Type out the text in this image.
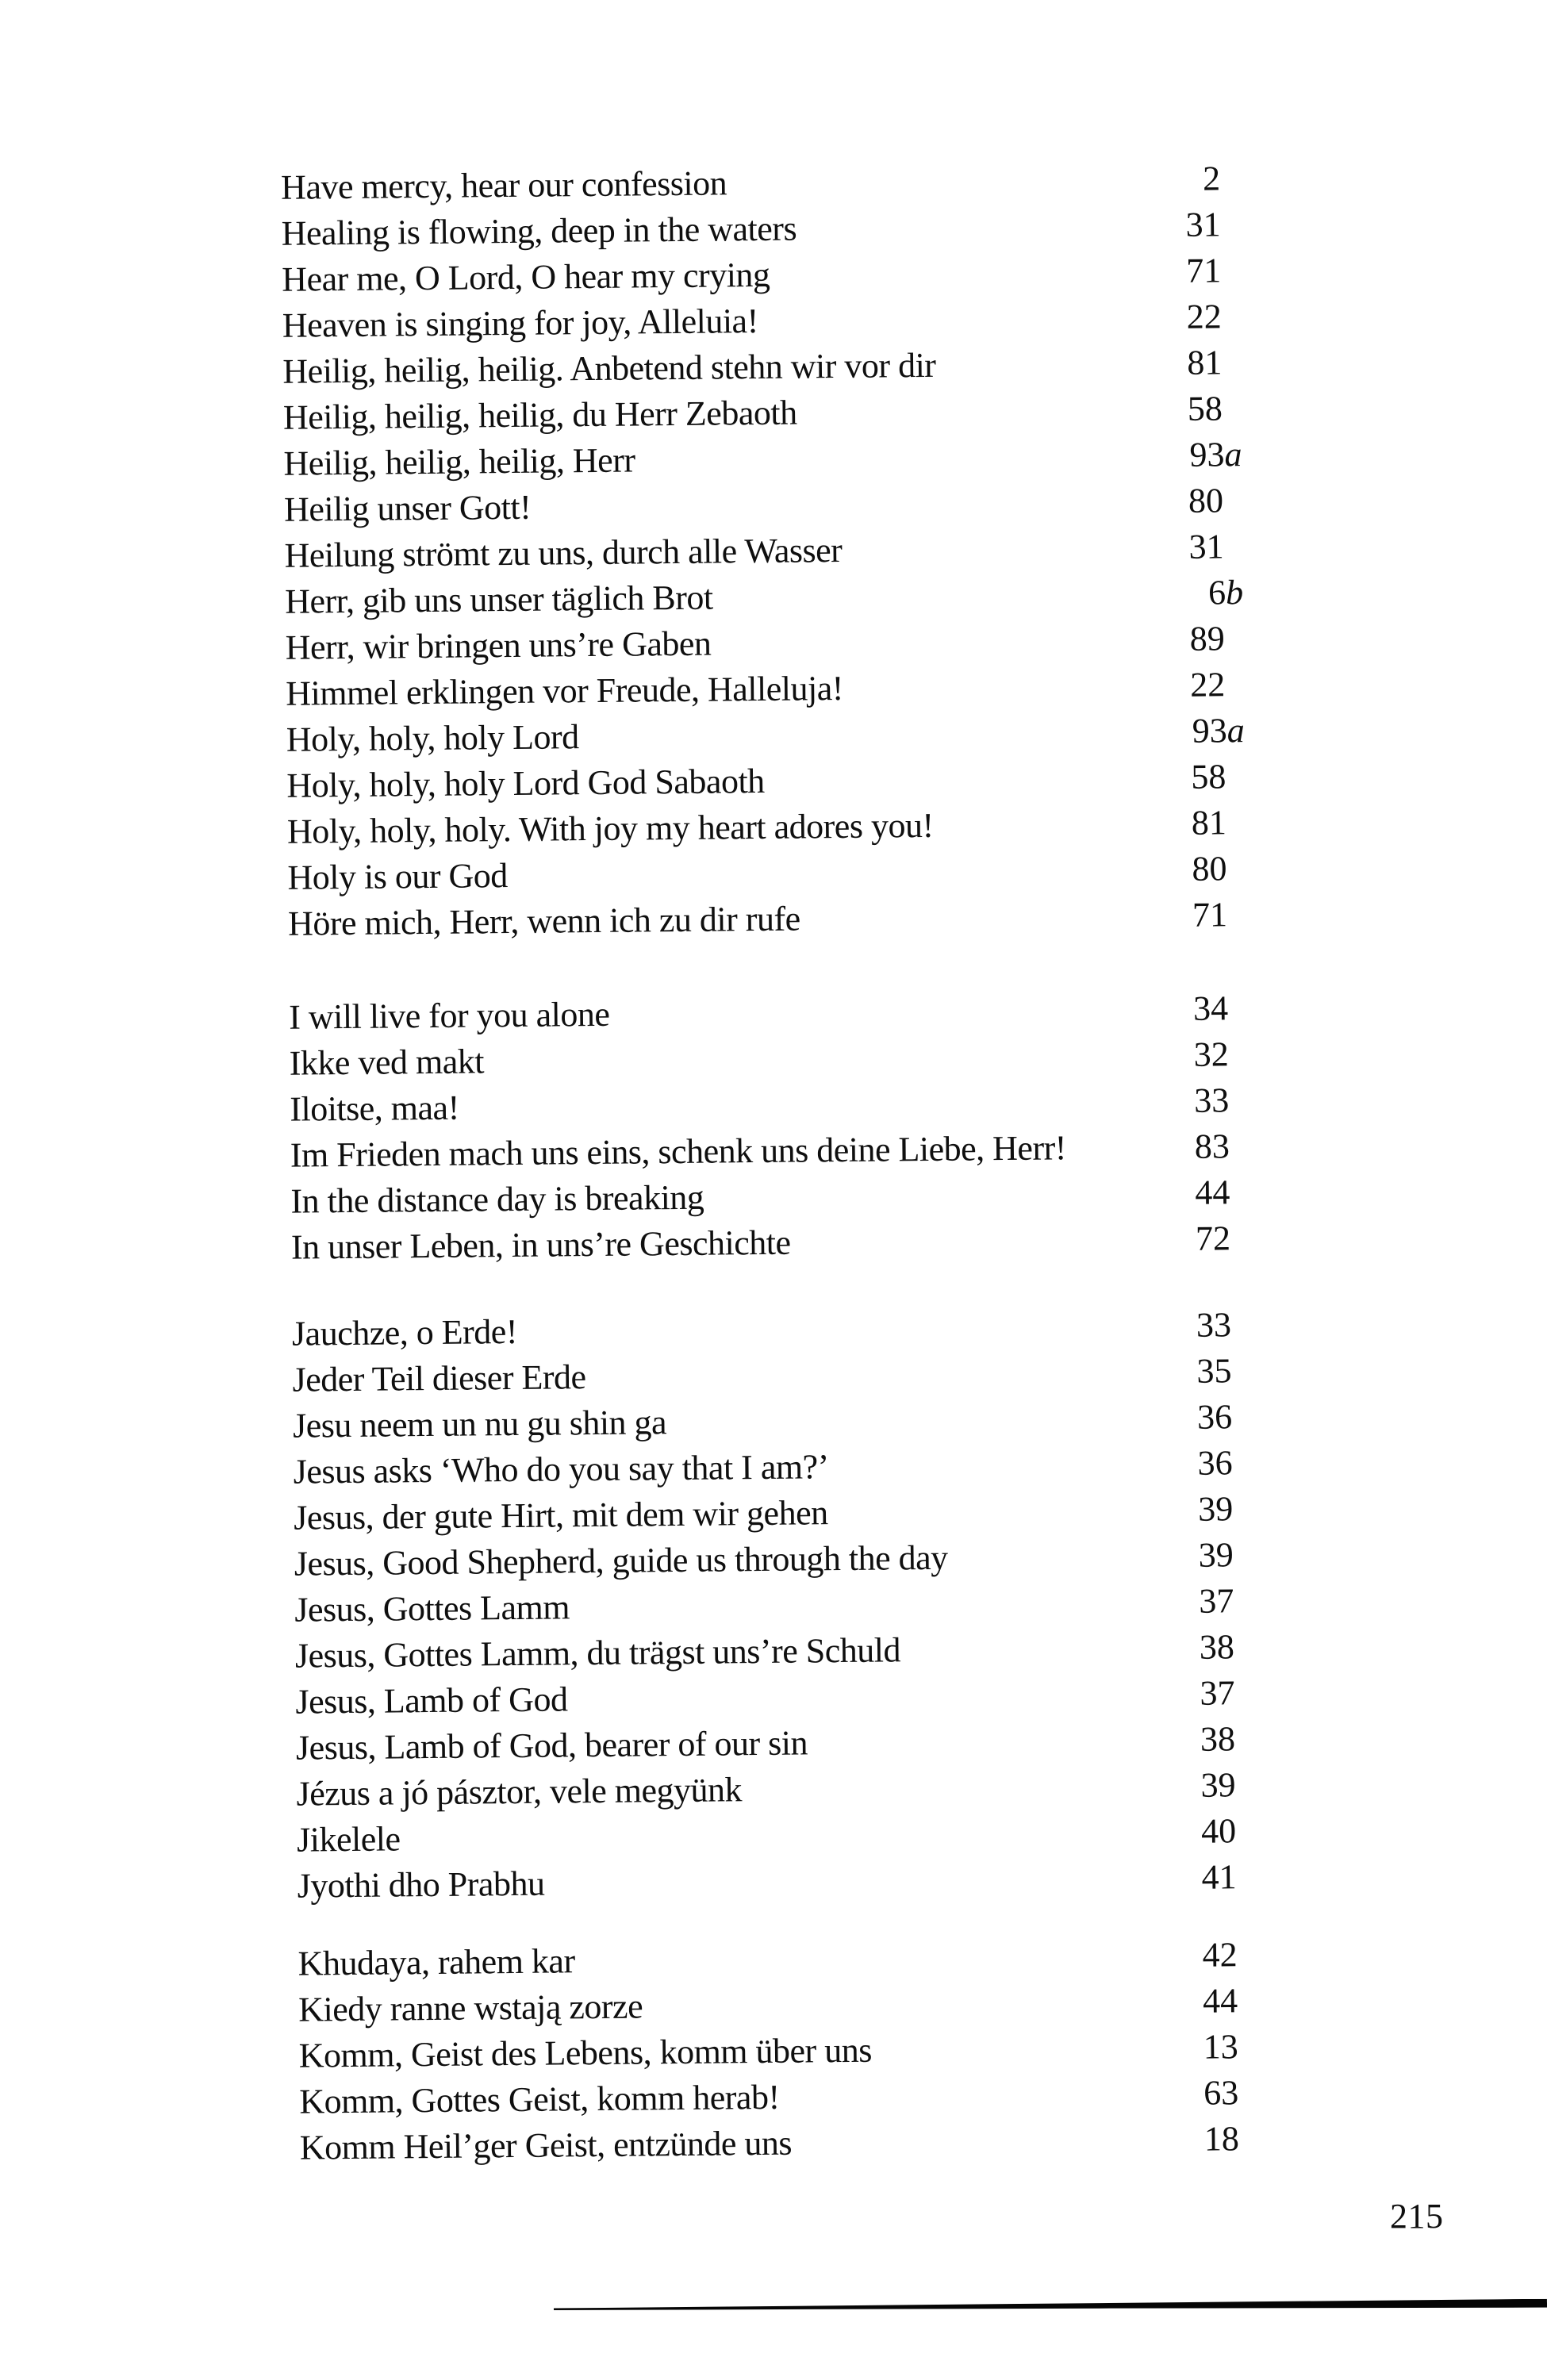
Have mercy, hear our confession	2
Healing is flowing, deep in the waters	31
Hear me, O Lord, O hear my crying	71
Heaven is singing for joy, Alleluia!	22
Heilig, heilig, heilig. Anbetend stehn wir vor dir	81
Heilig, heilig, heilig, du Herr Zebaoth	58
Heilig, heilig, heilig, Herr	93a
Heilig unser Gott!	80
Heilung strömt zu uns, durch alle Wasser	31
Herr, gib uns unser täglich Brot	6b
Herr, wir bringen uns’re Gaben	89
Himmel erklingen vor Freude, Halleluja!	22
Holy, holy, holy Lord	93a
Holy, holy, holy Lord God Sabaoth	58
Holy, holy, holy. With joy my heart adores you!	81
Holy is our God	80
Höre mich, Herr, wenn ich zu dir rufe	71
I will live for you alone	34
Ikke ved makt	32
Iloitse, maa!	33
Im Frieden mach uns eins, schenk uns deine Liebe, Herr!	83
In the distance day is breaking	44
In unser Leben, in uns’re Geschichte	72
Jauchze, o Erde!	33
Jeder Teil dieser Erde	35
Jesu neem un nu gu shin ga	36
Jesus asks ‘Who do you say that I am?’	36
Jesus, der gute Hirt, mit dem wir gehen	39
Jesus, Good Shepherd, guide us through the day	39
Jesus, Gottes Lamm	37
Jesus, Gottes Lamm, du trägst uns’re Schuld	38
Jesus, Lamb of God	37
Jesus, Lamb of God, bearer of our sin	38
Jézus a jó pásztor, vele megyünk	39
Jikelele	40
Jyothi dho Prabhu	41
Khudaya, rahem kar	42
Kiedy ranne wstają zorze	44
Komm, Geist des Lebens, komm über uns	13
Komm, Gottes Geist, komm herab!	63
Komm Heil’ger Geist, entzünde uns	18
215
